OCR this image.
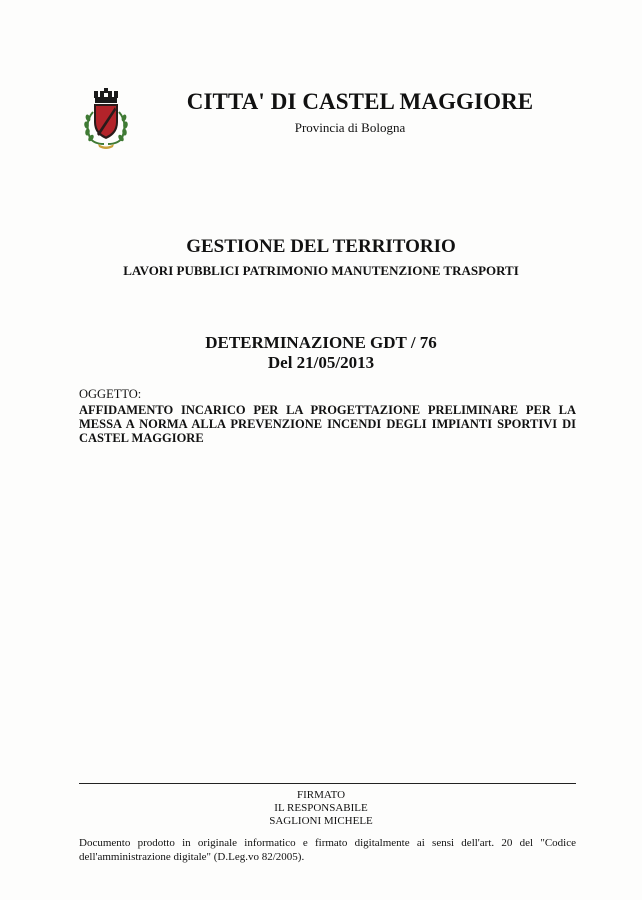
CITTA' DI CASTEL MAGGIORE
Provincia di Bologna
GESTIONE DEL TERRITORIO
LAVORI PUBBLICI PATRIMONIO MANUTENZIONE TRASPORTI
DETERMINAZIONE GDT / 76
Del 21/05/2013
OGGETTO:
AFFIDAMENTO INCARICO PER LA PROGETTAZIONE PRELIMINARE PER LA MESSA A NORMA ALLA PREVENZIONE INCENDI DEGLI IMPIANTI SPORTIVI DI CASTEL MAGGIORE
FIRMATO
IL RESPONSABILE
SAGLIONI MICHELE
Documento prodotto in originale informatico e firmato digitalmente ai sensi dell'art. 20 del "Codice dell'amministrazione digitale" (D.Leg.vo 82/2005).
